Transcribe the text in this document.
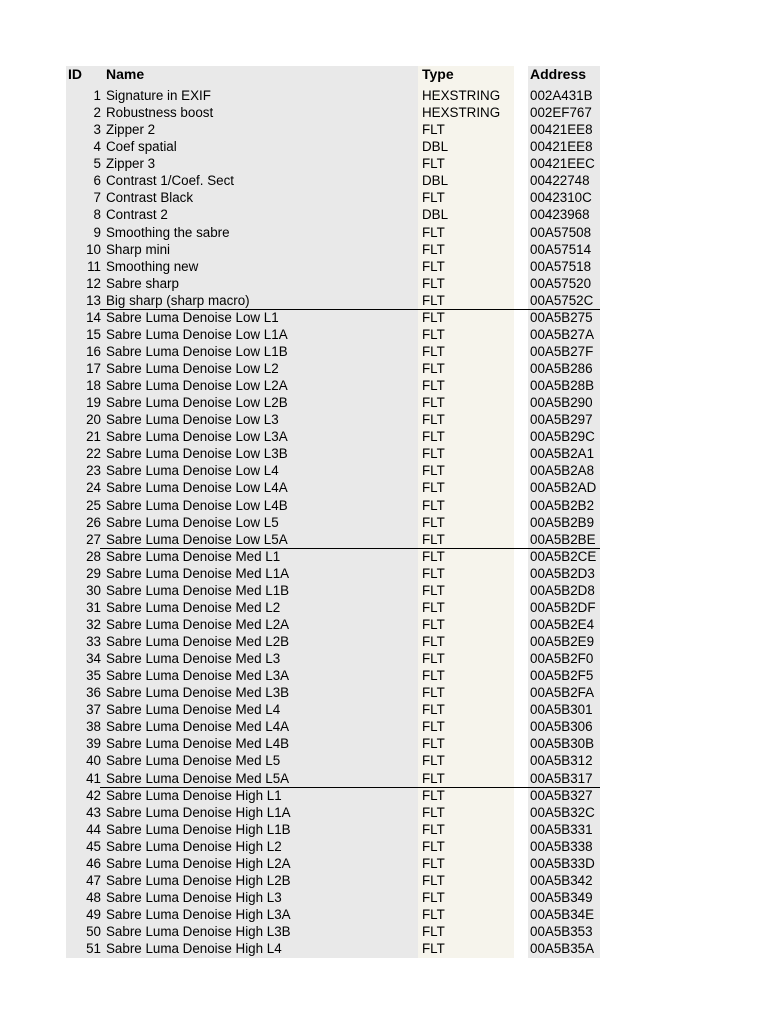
ID Name	Type	Address
1 Signature in EXIF	HEXSTRING 002A431B
2 Robustness boost	HEXSTRING 002EF767
3 Zipper 2	FLT	00421EE8
4 Coef spatial	DBL	00421EE8
5 Zipper 3	FLT	00421EEC
6 Contrast 1/Coef. Sect	DBL	00422748
7 Contrast Black	FLT	0042310C
8 Contrast 2	DBL	00423968
9 Smoothing the sabre	FLT	00A57508
10 Sharp mini	FLT	00A57514
11 Smoothing new	FLT	00A57518
12 Sabre sharp	FLT	00A57520
13 Big sharp (sharp macro)	FLT	00A5752C
14 Sabre Luma Denoise Low L1	FLT	00A5B275
15 Sabre Luma Denoise Low L1A	FLT	00A5B27A
16 Sabre Luma Denoise Low L1B	FLT	00A5B27F
17 Sabre Luma Denoise Low L2	FLT	00A5B286
18 Sabre Luma Denoise Low L2A	FLT	00A5B28B
19 Sabre Luma Denoise Low L2B	FLT	00A5B290
20 Sabre Luma Denoise Low L3	FLT	00A5B297
21 Sabre Luma Denoise Low L3A	FLT	00A5B29C
22 Sabre Luma Denoise Low L3B	FLT	00A5B2A1
23 Sabre Luma Denoise Low L4	FLT	00A5B2A8
24 Sabre Luma Denoise Low L4A	FLT	00A5B2AD
25 Sabre Luma Denoise Low L4B	FLT	00A5B2B2
26 Sabre Luma Denoise Low L5	FLT	00A5B2B9
27 Sabre Luma Denoise Low L5A	FLT	00A5B2BE
28 Sabre Luma Denoise Med L1	FLT	00A5B2CE
29 Sabre Luma Denoise Med L1A	FLT	00A5B2D3
30 Sabre Luma Denoise Med L1B	FLT	00A5B2D8
31 Sabre Luma Denoise Med L2	FLT	00A5B2DF
32 Sabre Luma Denoise Med L2A	FLT	00A5B2E4
33 Sabre Luma Denoise Med L2B	FLT	00A5B2E9
34 Sabre Luma Denoise Med L3	FLT	00A5B2F0
35 Sabre Luma Denoise Med L3A	FLT	00A5B2F5
36 Sabre Luma Denoise Med L3B	FLT	00A5B2FA
37 Sabre Luma Denoise Med L4	FLT	00A5B301
38 Sabre Luma Denoise Med L4A	FLT	00A5B306
39 Sabre Luma Denoise Med L4B	FLT	00A5B30B
40 Sabre Luma Denoise Med L5	FLT	00A5B312
41 Sabre Luma Denoise Med L5A	FLT	00A5B317
42 Sabre Luma Denoise High L1	FLT	00A5B327
43 Sabre Luma Denoise High L1A	FLT	00A5B32C
44 Sabre Luma Denoise High L1B	FLT	00A5B331
45 Sabre Luma Denoise High L2	FLT	00A5B338
46 Sabre Luma Denoise High L2A	FLT	00A5B33D
47 Sabre Luma Denoise High L2B	FLT	00A5B342
48 Sabre Luma Denoise High L3	FLT	00A5B349
49 Sabre Luma Denoise High L3A	FLT	00A5B34E
50 Sabre Luma Denoise High L3B	FLT	00A5B353
51 Sabre Luma Denoise High L4	FLT	00A5B35A
